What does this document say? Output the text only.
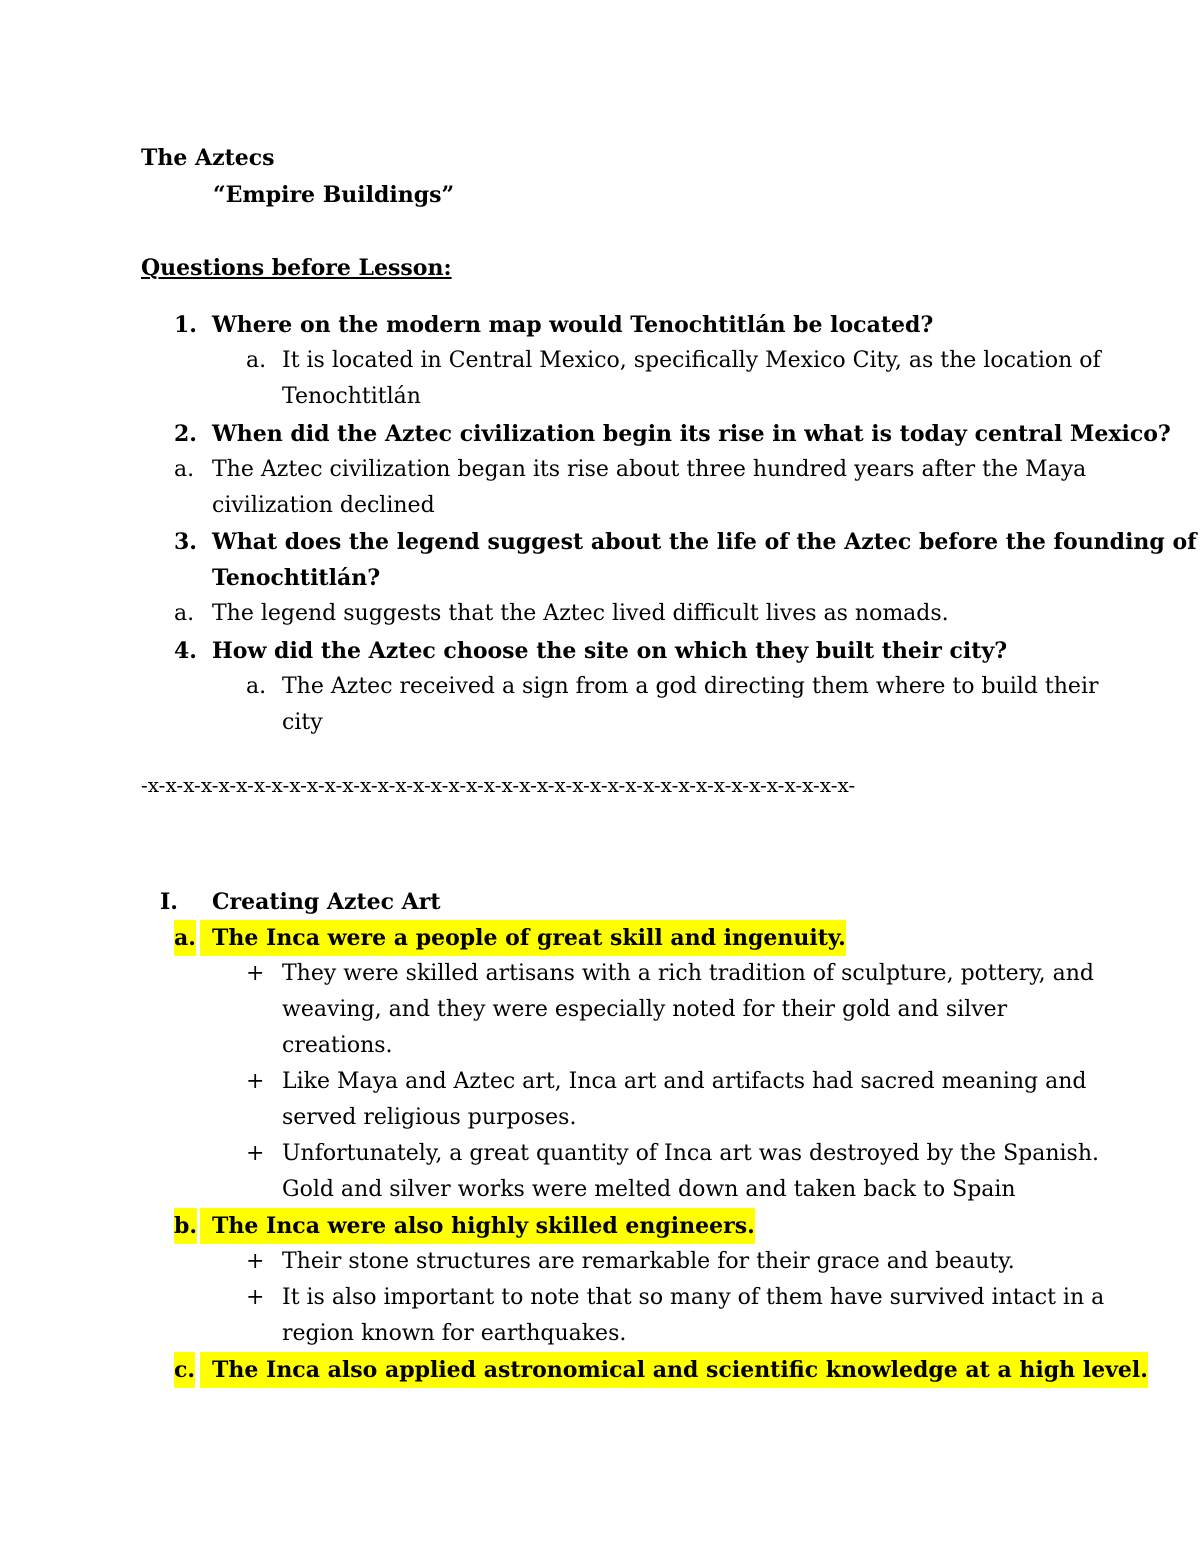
The Aztecs
“Empire Buildings”
Questions before Lesson:
1. Where on the modern map would Tenochtitlán be located?
a. It is located in Central Mexico, specifically Mexico City, as the location of
Tenochtitlán
2. When did the Aztec civilization begin its rise in what is today central Mexico?
a. The Aztec civilization began its rise about three hundred years after the Maya
civilization declined
3. What does the legend suggest about the life of the Aztec before the founding of
Tenochtitlán?
a. The legend suggests that the Aztec lived difficult lives as nomads.
4. How did the Aztec choose the site on which they built their city?
a. The Aztec received a sign from a god directing them where to build their
city
-x-x-x-x-x-x-x-x-x-x-x-x-x-x-x-x-x-x-x-x-x-x-x-x-x-x-x-x-x-x-x-x-x-x-x-x-x-x-x-x-
I. Creating Aztec Art
a. The Inca were a people of great skill and ingenuity.
+ They were skilled artisans with a rich tradition of sculpture, pottery, and
weaving, and they were especially noted for their gold and silver
creations.
+ Like Maya and Aztec art, Inca art and artifacts had sacred meaning and
served religious purposes.
+ Unfortunately, a great quantity of Inca art was destroyed by the Spanish.
Gold and silver works were melted down and taken back to Spain
b. The Inca were also highly skilled engineers.
+ Their stone structures are remarkable for their grace and beauty.
+ It is also important to note that so many of them have survived intact in a
region known for earthquakes.
c. The Inca also applied astronomical and scientific knowledge at a high level.
